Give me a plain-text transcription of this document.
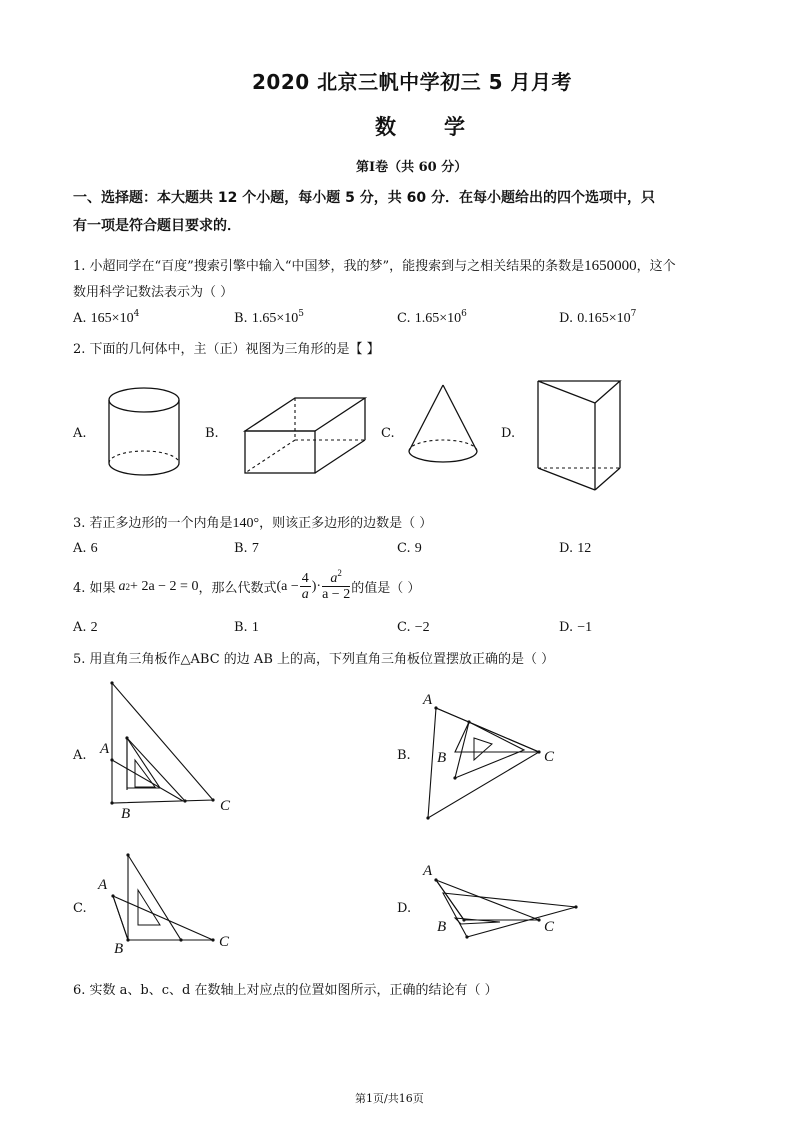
2020 北京三帆中学初三 5 月月考
数 学
第Ⅰ卷（共 60 分）
一、选择题：本大题共 12 个小题，每小题 5 分，共 60 分．在每小题给出的四个选项中，只
有一项是符合题目要求的．
1. 小超同学在“百度”搜索引擎中输入“中国梦，我的梦”，能搜索到与之相关结果的条数是1650000，这个
数用科学记数法表示为（ ）
A. $165\times 10^4$	B. $1.65\times 10^5$	C. $1.65\times 10^6$	D. $0.165\times 10^7$
2. 下面的几何体中，主（正）视图为三角形的是【 】
A.	B.	C.	D.
3. 若正多边形的一个内角是140°，则该正多边形的边数是（ ）
A. 6	B. 7	C. 9	D. 12
4. 如果 a 2 + 2a − 2 = 0 ，那么代数式 ($a - \frac{4}{a}$ )· $\frac{a^2}{a - 2}$ 的值是（ ）
A. 2	B. 1	C. −2	D. −1
5. 用直角三角板作△ABC 的边 AB 上的高，下列直角三角板位置摆放正确的是（ ）
A. A
B	C
B.
A
B	C
C.
A
B	C
D.
A
B	C
6. 实数 a、b、c、d 在数轴上对应点的位置如图所示，正确的结论有（ ）
第1页/共16页
